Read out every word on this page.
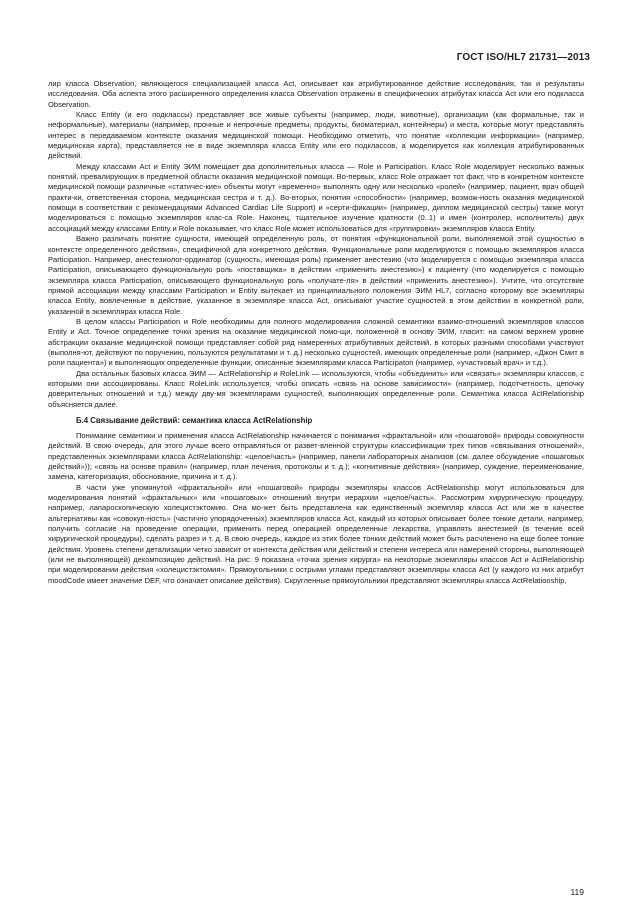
ГОСТ ISO/HL7 21731—2013

лир класса Observation, являющегося специализацией класса Act, описывает как атрибутированное действие исследования, так и результаты исследования. Оба аспекта этого расширенного определения класса Observation отражены в специфических атрибутах класса Act или его подкласса Observation.

Класс Entity (и его подклассы) представляет все живые субъекты (например, люди, животные), организации (как формальные, так и неформальные), материалы (например, прочные и непрочные предметы, продукты, биоматериал, контейнеры) и места, которые могут представлять интерес в передаваемом контексте оказания медицинской помощи. Необходимо отметить, что понятие «коллекции информации» (например, медицинская карта), представляется не в виде экземпляра класса Entity или его подклассов, а моделируется как коллекция атрибутированных действий.

Между классами Act и Entity ЭИМ помещает два дополнительных класса — Role и Participation. Класс Role моделирует несколько важных понятий, превалирующих в предметной области оказания медицинской помощи. Во-первых, класс Role отражает тот факт, что в конкретном контексте медицинской помощи различные «статичес-кие» объекты могут «временно» выполнять одну или несколько «ролей» (например, пациент, врач общей практи-ки, ответственная сторона, медицинская сестра и т. д.). Во-вторых, понятия «способности» (например, возмож-ность оказания медицинской помощи в соответствии с рекомендациями Advanced Cardiac Life Support) и «серти-фикации» (например, диплом медицинской сестры) также могут моделироваться с помощью экземпляров клас-са Role. Наконец, тщательное изучение кратности (0..1) и имен (контролер, исполнитель) двух ассоциаций между классами Entity и Role показывает, что класс Role может использоваться для «группировки» экземпляров класса Entity.

Важно различать понятие сущности, имеющей определенную роль, от понятия «функциональной роли, выполняемой этой сущностью в контексте определенного действия», специфичной для конкретного действия. Функциональные роли моделируются с помощью экземпляров класса Participation. Например, анестезиолог-ординатор (сущность, имеющая роль) применяет анестезию (что моделируется с помощью экземпляра класса Participation, описывающего функциональную роль «поставщика» в действии «применить анестезию») к пациенту (что моделируется с помощью экземпляра класса Participation, описывающего функциональную роль «получате-ля» в действии «применить анестезию»). Учтите, что отсутствие прямой ассоциации между классами Participation и Entity вытекает из принципиального положения ЭИМ HL7, согласно которому все экземпляры класса Entity, вовлеченные в действие, указанное в экземпляре класса Act, описывают участие сущностей в этом действии в конкретной роли, указанной в экземплярах класса Role.

В целом классы Participation и Role необходимы для полного моделирования сложной семантики взаимо-отношений экземпляров классов Entity и Act. Точное определение точки зрения на оказание медицинской помо-щи, положенной в основу ЭИМ, гласит: на самом верхнем уровне абстракции оказание медицинской помощи представляет собой ряд намеренных атрибутивных действий, в которых разными способами участвуют (выполня-ют, действуют по поручению, пользуются результатами и т. д.) несколько сущностей, имеющих определенные роли (например, «Джон Смит в роли пациента») и выполняющих определенные функции, описанные экземплярами класса Participaton (например, «участковый врач» и т.д.).

Два остальных базовых класса ЭИМ — ActRelationship и RoleLink — используются, чтобы «объединить» или «связать» экземпляры классов, с которыми они ассоциированы. Класс RoleLink используется, чтобы описать «связь на основе зависимости» (например, подотчетность, цепочку доверительных отношений и т.д.) между дву-мя экземплярами сущностей, выполняющих определенные роли. Семантика класса ActRelationship объясняется далее.

Б.4 Связывание действий: семантика класса ActRelationship

Понимание семантики и применения класса ActRelationship начинается с понимания «фрактальной» или «пошаговой» природы совокупности действий. В свою очередь, для этого лучше всего отправляться от развет-вленной структуры классификации трех типов «связывания отношений», представленных экземплярами класса ActRelationship: «целое/часть» (например, панели лабораторных анализов (см. далее обсуждение «пошаговых действий»)); «связь на основе правил» (например, план лечения, протоколы и т. д.); «когнитивные действия» (например, суждение, переименование, замена, категоризация, обоснование, причина и т. д.).

В части уже упомянутой «фрактальной» или «пошаговой» природы экземпляры классов ActRelationship могут использоваться для моделирования понятий «фрактальных» или «пошаговых» отношений внутри иерархии «целое/часть». Рассмотрим хирургическую процедуру, например, лапароскопическую холецистэктомию. Она мо-жет быть представлена как единственный экземпляр класса Act или же в качестве альтернативы как «совокуп-ность» (частично упорядоченных) экземпляров класса Act, каждый из которых описывает более тонкие детали, например, получить согласие на проведение операции, применить перед операцией определенные лекарства, управлять анестезией (в течение всей хирургической процедуры), сделать разрез и т. д. В свою очередь, каждое из этих более тонких действий может быть расчленено на еще более тонкие действия. Уровень степени детализации четко зависит от контекста действия или действий и степени интереса или намерений стороны, выполняющей (или не выполняющей) декомпозицию действий. На рис. 9 показана «точка зрения хирурга» на некоторые экземпляры классов Act и ActRelationship при моделировании действия «холецистэктомия». Прямоугольники с острыми углами представляют экземпляры класса Act (у каждого из них атрибут moodCode имеет значение DEF, что означает описание действия). Скругленные прямоугольники представляют экземпляры класса ActRelationship,

119
